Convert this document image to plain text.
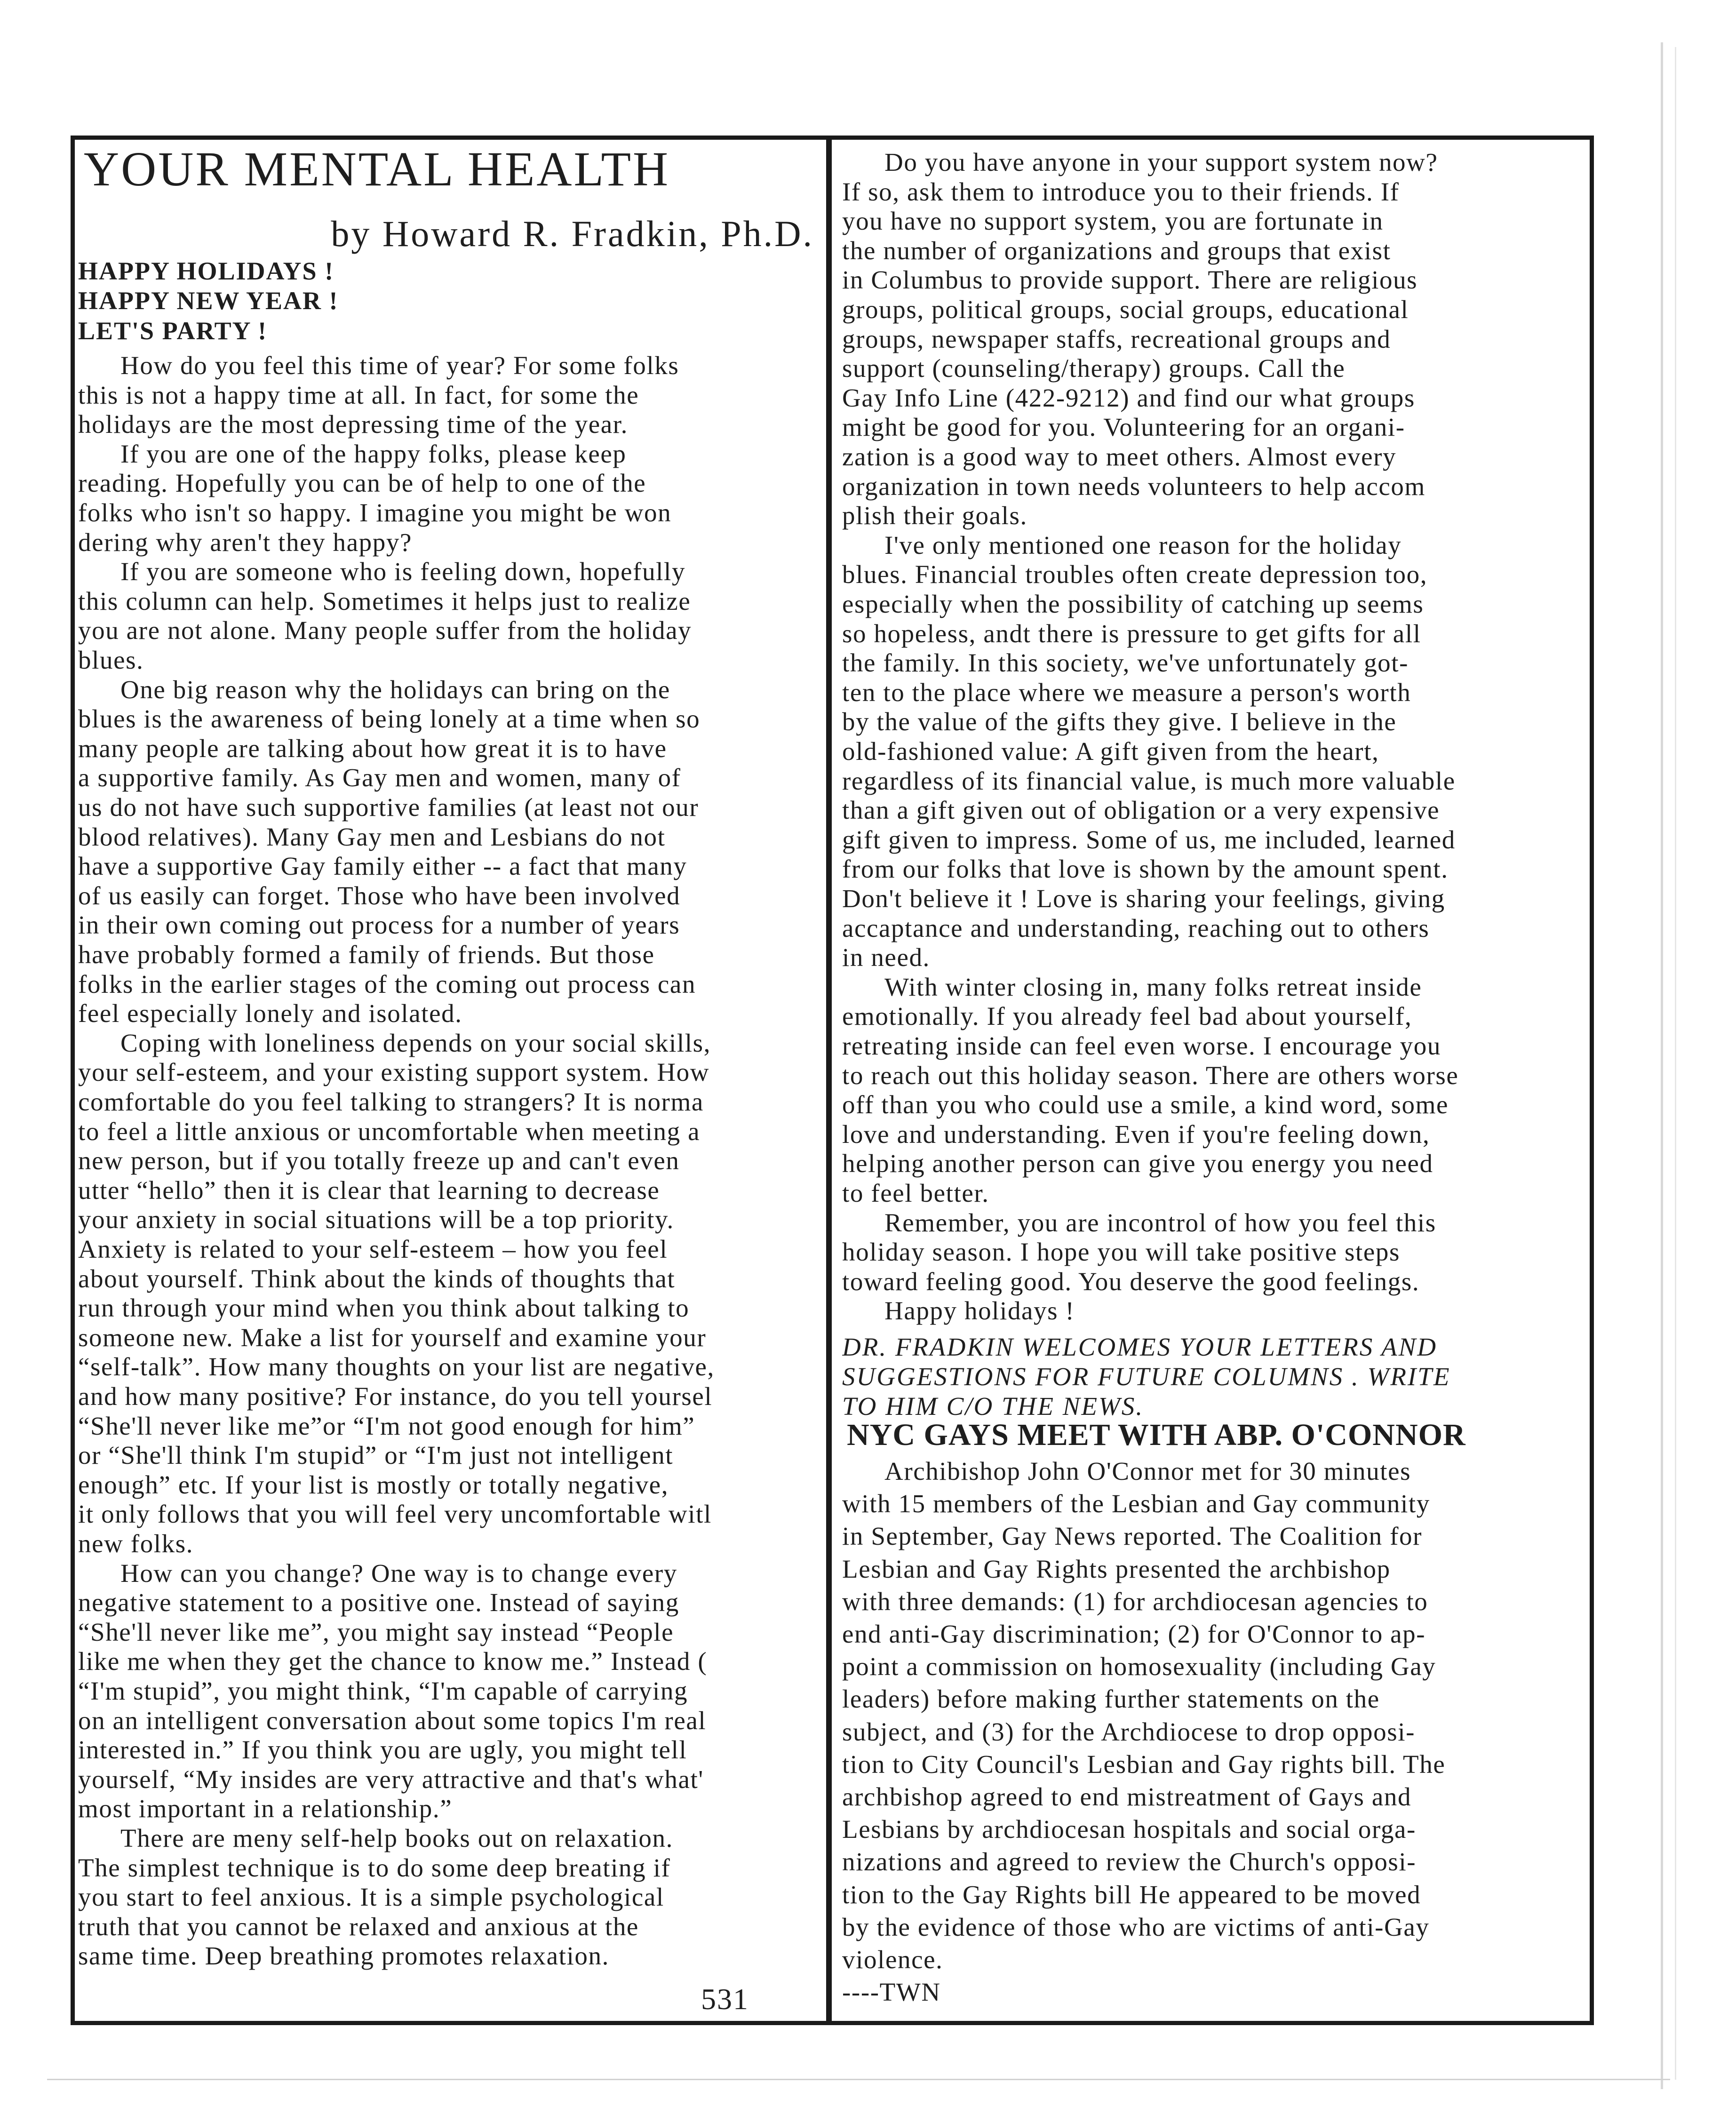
YOUR MENTAL HEALTH
by Howard R. Fradkin, Ph.D.
HAPPY HOLIDAYS !
HAPPY NEW YEAR !
LET'S PARTY !
How do you feel this time of year? For some folks
this is not a happy time at all. In fact, for some the
holidays are the most depressing time of the year.
If you are one of the happy folks, please keep
reading. Hopefully you can be of help to one of the
folks who isn't so happy. I imagine you might be won
dering why aren't they happy?
If you are someone who is feeling down, hopefully
this column can help. Sometimes it helps just to realize
you are not alone. Many people suffer from the holiday
blues.
One big reason why the holidays can bring on the
blues is the awareness of being lonely at a time when so
many people are talking about how great it is to have
a supportive family. As Gay men and women, many of
us do not have such supportive families (at least not our
blood relatives). Many Gay men and Lesbians do not
have a supportive Gay family either -- a fact that many
of us easily can forget. Those who have been involved
in their own coming out process for a number of years
have probably formed a family of friends. But those
folks in the earlier stages of the coming out process can
feel especially lonely and isolated.
Coping with loneliness depends on your social skills,
your self-esteem, and your existing support system. How
comfortable do you feel talking to strangers? It is norma
to feel a little anxious or uncomfortable when meeting a
new person, but if you totally freeze up and can't even
utter “hello” then it is clear that learning to decrease
your anxiety in social situations will be a top priority.
Anxiety is related to your self-esteem – how you feel
about yourself. Think about the kinds of thoughts that
run through your mind when you think about talking to
someone new. Make a list for yourself and examine your
“self-talk”. How many thoughts on your list are negative,
and how many positive? For instance, do you tell yoursel
“She'll never like me”or “I'm not good enough for him”
or “She'll think I'm stupid” or “I'm just not intelligent
enough” etc. If your list is mostly or totally negative,
it only follows that you will feel very uncomfortable witl
new folks.
How can you change? One way is to change every
negative statement to a positive one. Instead of saying
“She'll never like me”, you might say instead “People
like me when they get the chance to know me.” Instead (
“I'm stupid”, you might think, “I'm capable of carrying
on an intelligent conversation about some topics I'm real
interested in.” If you think you are ugly, you might tell
yourself, “My insides are very attractive and that's what'
most important in a relationship.”
There are meny self-help books out on relaxation.
The simplest technique is to do some deep breating if
you start to feel anxious. It is a simple psychological
truth that you cannot be relaxed and anxious at the
same time. Deep breathing promotes relaxation.
Do you have anyone in your support system now?
If so, ask them to introduce you to their friends. If
you have no support system, you are fortunate in
the number of organizations and groups that exist
in Columbus to provide support. There are religious
groups, political groups, social groups, educational
groups, newspaper staffs, recreational groups and
support (counseling/therapy) groups. Call the
Gay Info Line (422-9212) and find our what groups
might be good for you. Volunteering for an organi-
zation is a good way to meet others. Almost every
organization in town needs volunteers to help accom
plish their goals.
I've only mentioned one reason for the holiday
blues. Financial troubles often create depression too,
especially when the possibility of catching up seems
so hopeless, andt there is pressure to get gifts for all
the family. In this society, we've unfortunately got-
ten to the place where we measure a person's worth
by the value of the gifts they give. I believe in the
old-fashioned value: A gift given from the heart,
regardless of its financial value, is much more valuable
than a gift given out of obligation or a very expensive
gift given to impress. Some of us, me included, learned
from our folks that love is shown by the amount spent.
Don't believe it ! Love is sharing your feelings, giving
accaptance and understanding, reaching out to others
in need.
With winter closing in, many folks retreat inside
emotionally. If you already feel bad about yourself,
retreating inside can feel even worse. I encourage you
to reach out this holiday season. There are others worse
off than you who could use a smile, a kind word, some
love and understanding. Even if you're feeling down,
helping another person can give you energy you need
to feel better.
Remember, you are incontrol of how you feel this
holiday season. I hope you will take positive steps
toward feeling good. You deserve the good feelings.
Happy holidays !
DR. FRADKIN WELCOMES YOUR LETTERS AND
SUGGESTIONS FOR FUTURE COLUMNS . WRITE
TO HIM C/O THE NEWS.
Archibishop John O'Connor met for 30 minutes
with 15 members of the Lesbian and Gay community
in September, Gay News reported. The Coalition for
Lesbian and Gay Rights presented the archbishop
with three demands: (1) for archdiocesan agencies to
end anti-Gay discrimination; (2) for O'Connor to ap-
point a commission on homosexuality (including Gay
leaders) before making further statements on the
subject, and (3) for the Archdiocese to drop opposi-
tion to City Council's Lesbian and Gay rights bill. The
archbishop agreed to end mistreatment of Gays and
Lesbians by archdiocesan hospitals and social orga-
nizations and agreed to review the Church's opposi-
tion to the Gay Rights bill He appeared to be moved
by the evidence of those who are victims of anti-Gay
violence.
----TWN
NYC GAYS MEET WITH ABP. O'CONNOR
531
